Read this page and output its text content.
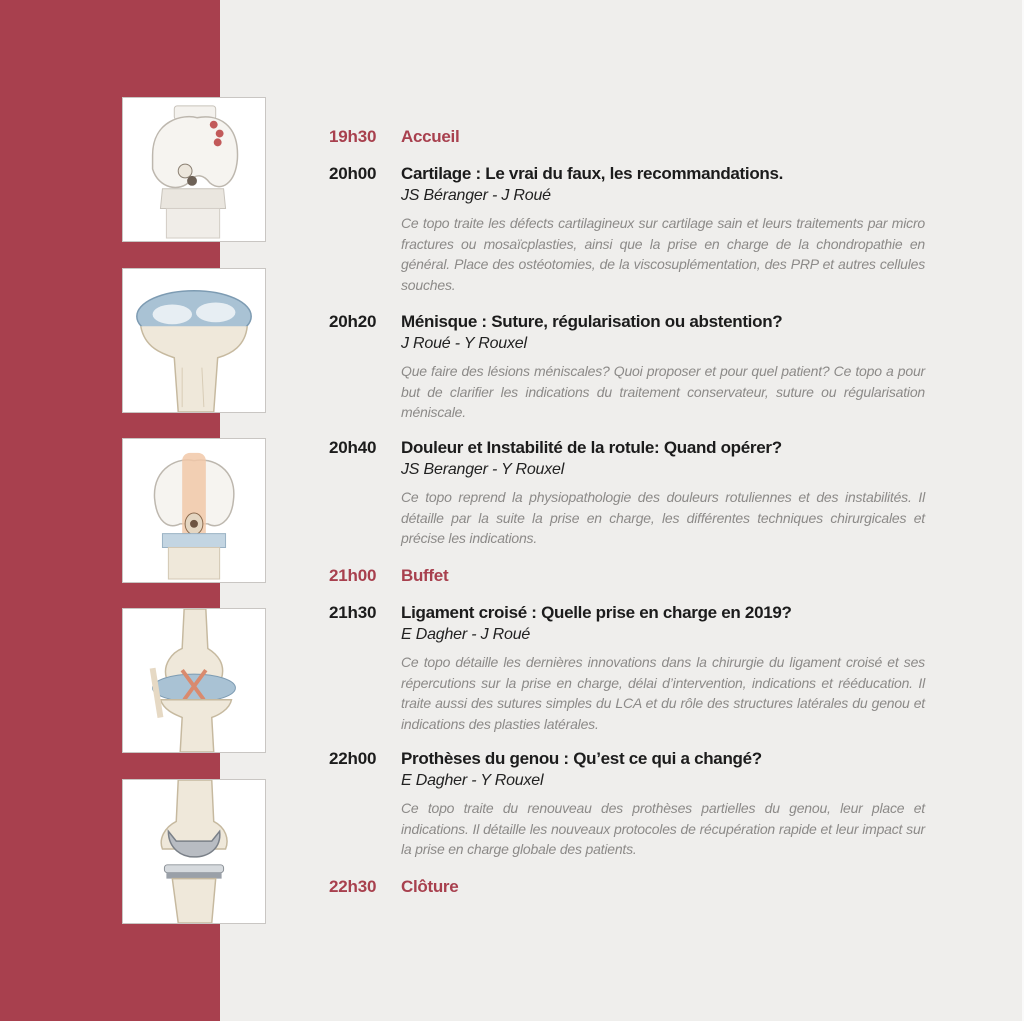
19h30 Accueil
20h00 Cartilage : Le vrai du faux, les recommandations.
JS Béranger - J Roué
Ce topo traite les défects cartilagineux sur cartilage sain et leurs traitements par micro fractures ou mosaïcplasties, ainsi que la prise en charge de la chondropathie en général. Place des ostéotomies, de la viscosuplémentation, des PRP et autres cellules souches.
20h20 Ménisque : Suture, régularisation ou abstention?
J Roué - Y Rouxel
Que faire des lésions méniscales? Quoi proposer et pour quel patient? Ce topo a pour but de clarifier les indications du traitement conservateur, suture ou régularisation méniscale.
20h40 Douleur et Instabilité de la rotule: Quand opérer?
JS Beranger - Y Rouxel
Ce topo reprend la physiopathologie des douleurs rotuliennes et des instabilités. Il détaille par la suite la prise en charge, les différentes techniques chirurgicales et précise les indications.
21h00 Buffet
21h30 Ligament croisé : Quelle prise en charge en 2019?
E Dagher - J Roué
Ce topo détaille les dernières innovations dans la chirurgie du ligament croisé et ses répercutions sur la prise en charge, délai d’intervention, indications et rééducation. Il traite aussi des sutures simples du LCA et du rôle des structures latérales du genou et indications des plasties latérales.
22h00 Prothèses du genou : Qu’est ce qui a changé?
E Dagher - Y Rouxel
Ce topo traite du renouveau des prothèses partielles du genou, leur place et indications. Il détaille les nouveaux protocoles de récupération rapide et leur impact sur la prise en charge globale des patients.
22h30 Clôture
